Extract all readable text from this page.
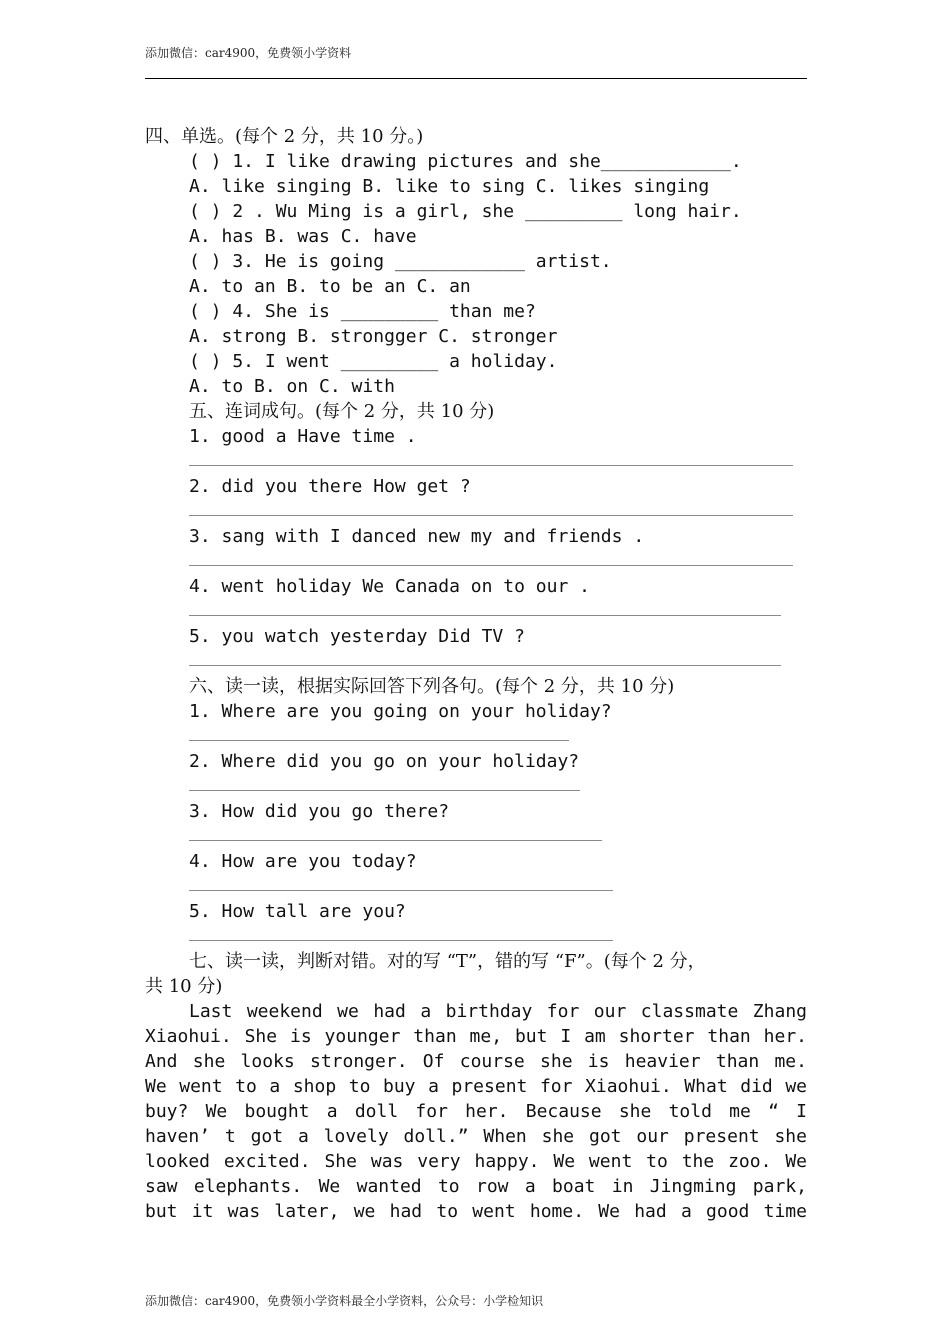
添加微信：car4900，免费领小学资料
四、单选。(每个 2 分，共 10 分。)
( ) 1. I like drawing pictures and she____________.
A. like singing B. like to sing C. likes singing
( ) 2 . Wu Ming is a girl, she _________ long hair.
A. has B. was C. have
( ) 3. He is going ____________ artist.
A. to an B. to be an C. an
( ) 4. She is _________ than me?
A. strong B. strongger C. stronger
( ) 5. I went _________ a holiday.
A. to B. on C. with
五、连词成句。(每个 2 分，共 10 分)
1. good a Have time .
2. did you there How get ?
3. sang with I danced new my and friends .
4. went holiday We Canada on to our .
5. you watch yesterday Did TV ?
六、读一读，根据实际回答下列各句。(每个 2 分，共 10 分)
1. Where are you going on your holiday?
2. Where did you go on your holiday?
3. How did you go there?
4. How are you today?
5. How tall are you?
七、读一读，判断对错。对的写 “T”，错的写 “F”。(每个 2 分，
共 10 分)
Last weekend we had a birthday for our classmate Zhang
Xiaohui. She is younger than me, but I am shorter than her.
And she looks stronger. Of course she is heavier than me.
We went to a shop to buy a present for Xiaohui. What did we
buy? We bought a doll for her. Because she told me “ I
haven’ t got a lovely doll.” When she got our present she
looked excited. She was very happy. We went to the zoo. We
saw elephants. We wanted to row a boat in Jingming park,
but it was later, we had to went home. We had a good time
添加微信：car4900，免费领小学资料最全小学资料，公众号：小学检知识
